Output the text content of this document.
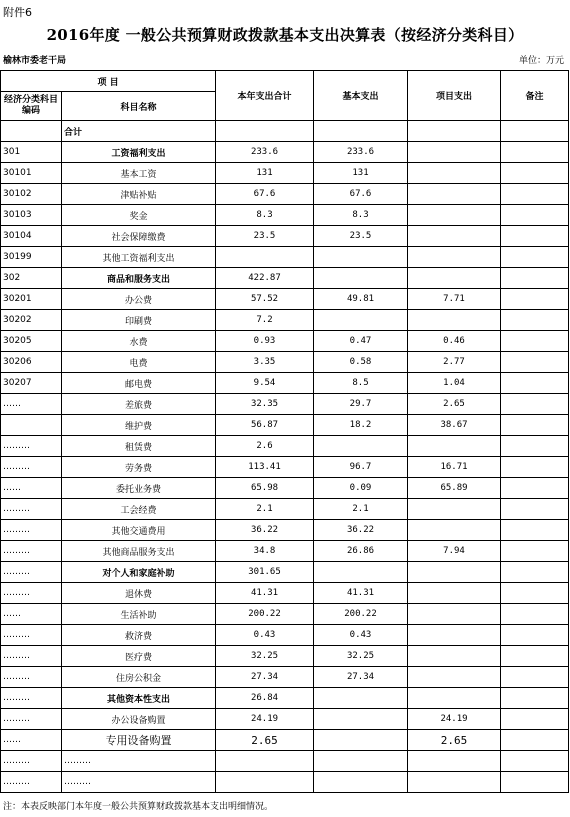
附件6
2016年度 一般公共预算财政拨款基本支出决算表（按经济分类科目）
榆林市委老干局	单位：万元
项 目		本年支出合计	基本支出	项目支出	备注
经济分类科目编码	科目名称				
	合计				
301	工资福利支出	233.6	233.6		
30101	基本工资	131	131		
30102	津贴补贴	67.6	67.6		
30103	奖金	8.3	8.3		
30104	社会保障缴费	23.5	23.5		
30199	其他工资福利支出				
302	商品和服务支出	422.87			
30201	办公费	57.52	49.81	7.71	
30202	印刷费	7.2			
30205	水费	0.93	0.47	0.46	
30206	电费	3.35	0.58	2.77	
30207	邮电费	9.54	8.5	1.04	
……	差旅费	32.35	29.7	2.65	
	维护费	56.87	18.2	38.67	
………	租赁费	2.6			
………	劳务费	113.41	96.7	16.71	
……	委托业务费	65.98	0.09	65.89	
………	工会经费	2.1	2.1		
………	其他交通费用	36.22	36.22		
………	其他商品服务支出	34.8	26.86	7.94	
………	对个人和家庭补助	301.65			
………	退休费	41.31	41.31		
……	生活补助	200.22	200.22		
………	救济费	0.43	0.43		
………	医疗费	32.25	32.25		
………	住房公积金	27.34	27.34		
………	其他资本性支出	26.84			
………	办公设备购置	24.19		24.19	
……	专用设备购置	2.65		2.65	
………	………				
………	………				
注：本表反映部门本年度一般公共预算财政拨款基本支出明细情况。
